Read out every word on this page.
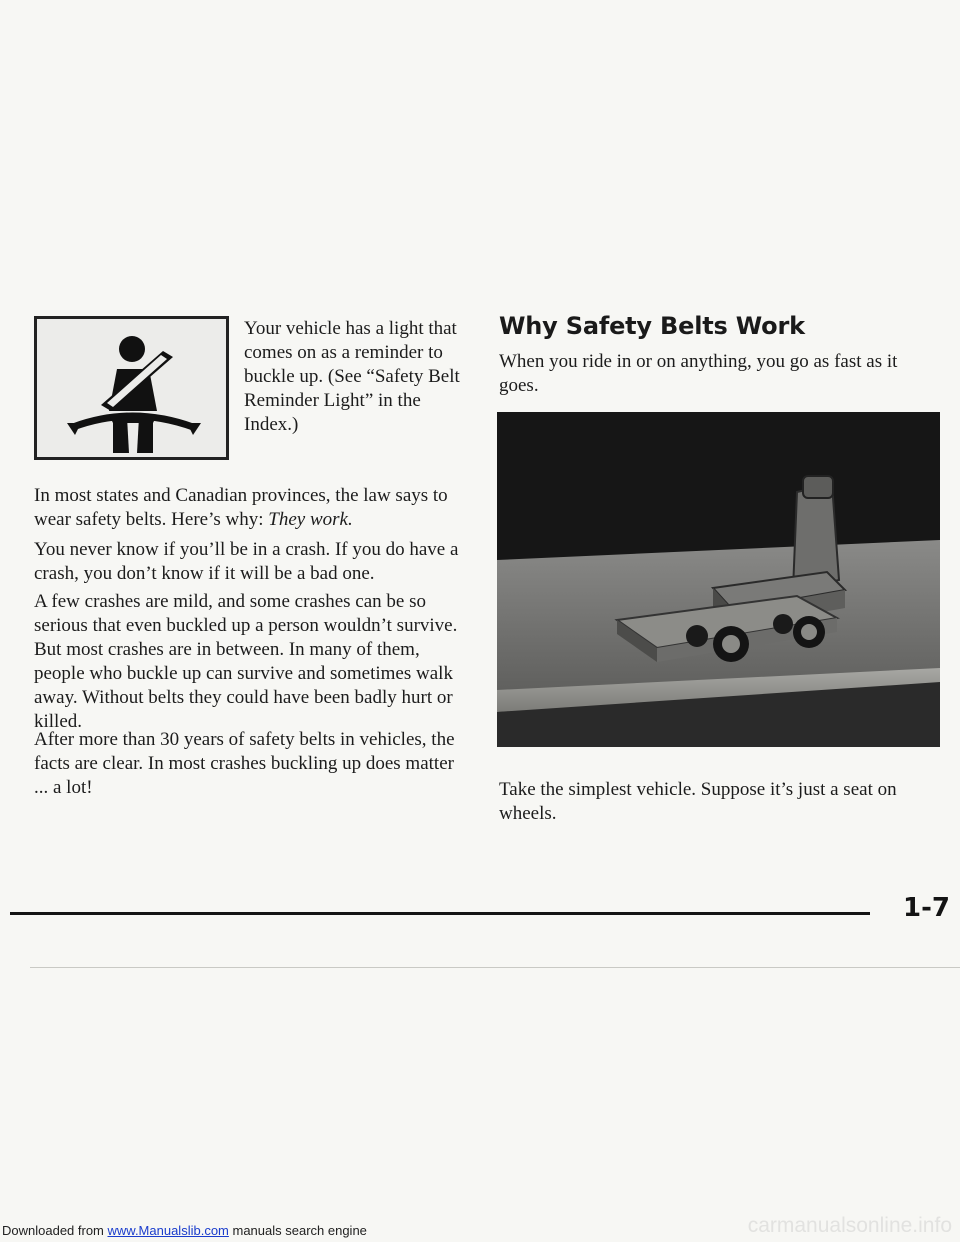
Your vehicle has a light that comes on as a reminder to buckle up. (See “Safety Belt Reminder Light” in the Index.)

In most states and Canadian provinces, the law says to wear safety belts. Here’s why: They work.

You never know if you’ll be in a crash. If you do have a crash, you don’t know if it will be a bad one.

A few crashes are mild, and some crashes can be so serious that even buckled up a person wouldn’t survive. But most crashes are in between. In many of them, people who buckle up can survive and sometimes walk away. Without belts they could have been badly hurt or killed.

After more than 30 years of safety belts in vehicles, the facts are clear. In most crashes buckling up does matter ... a lot!

Why Safety Belts Work

When you ride in or on anything, you go as fast as it goes.

Take the simplest vehicle. Suppose it’s just a seat on wheels.

1-7
Downloaded from www.Manualslib.com manuals search engine	carmanualsonline.info
